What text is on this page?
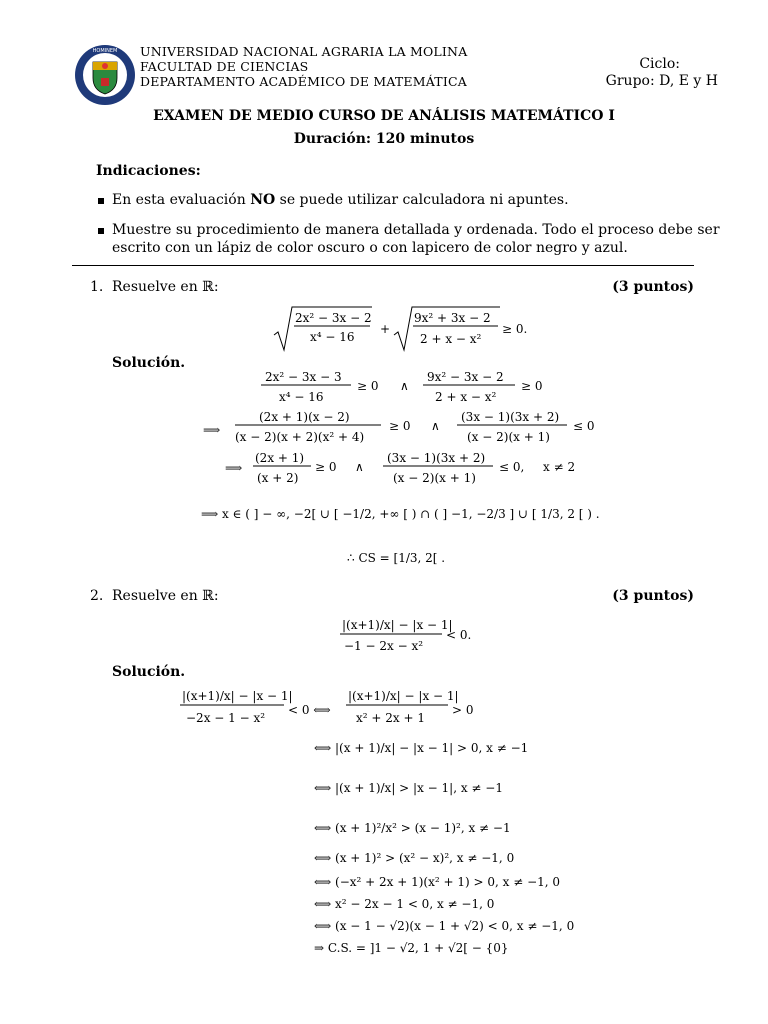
HOMINEM UNIVERSIDAD NACIONAL AGRARIA LA MOLINA
FACULTAD DE CIENCIAS
DEPARTAMENTO ACADÉMICO DE MATEMÁTICA
Ciclo:
Grupo: D, E y H
EXAMEN DE MEDIO CURSO DE ANÁLISIS MATEMÁTICO I
Duración: 120 minutos
Indicaciones:
En esta evaluación NO se puede utilizar calculadora ni apuntes.
Muestre su procedimiento de manera detallada y ordenada. Todo el proceso debe ser
escrito con un lápiz de color oscuro o con lapicero de color negro y azul.
1. Resuelve en ℝ:	(3 puntos)
2x² − 3x − 2
x⁴ − 16
+
9x² + 3x − 2
2 + x − x²
≥ 0.
Solución.
2x² − 3x − 3
x⁴ − 16
≥ 0 ∧
9x² − 3x − 2
2 + x − x²
≥ 0
⟹
(2x + 1)(x − 2)
(x − 2)(x + 2)(x² + 4)
≥ 0 ∧
(3x − 1)(3x + 2)
(x − 2)(x + 1)
≤ 0
⟹
(2x + 1)
(x + 2)
≥ 0 ∧
(3x − 1)(3x + 2)
(x − 2)(x + 1)
≤ 0, x ≠ 2
⟹ x ∈ ( ] − ∞, −2[ ∪ [ −1/2, +∞ [ ) ∩ ( ] −1, −2/3 ] ∪ [ 1/3, 2 [ ) .
∴ CS = [1/3, 2[ .
2. Resuelve en ℝ:	(3 puntos)
|(x+1)/x| − |x − 1|
−1 − 2x − x²
< 0.
Solución.
|(x+1)/x| − |x − 1|
−2x − 1 − x²
< 0 ⟺
|(x+1)/x| − |x − 1|
x² + 2x + 1
> 0
⟺ |(x + 1)/x| − |x − 1| > 0, x ≠ −1
⟺ |(x + 1)/x| > |x − 1|, x ≠ −1
⟺ (x + 1)²/x² > (x − 1)², x ≠ −1
⟺ (x + 1)² > (x² − x)², x ≠ −1, 0
⟺ (−x² + 2x + 1)(x² + 1) > 0, x ≠ −1, 0
⟺ x² − 2x − 1 < 0, x ≠ −1, 0
⟺ (x − 1 − √2)(x − 1 + √2) < 0, x ≠ −1, 0
⇒ C.S. = ]1 − √2, 1 + √2[ − {0}
